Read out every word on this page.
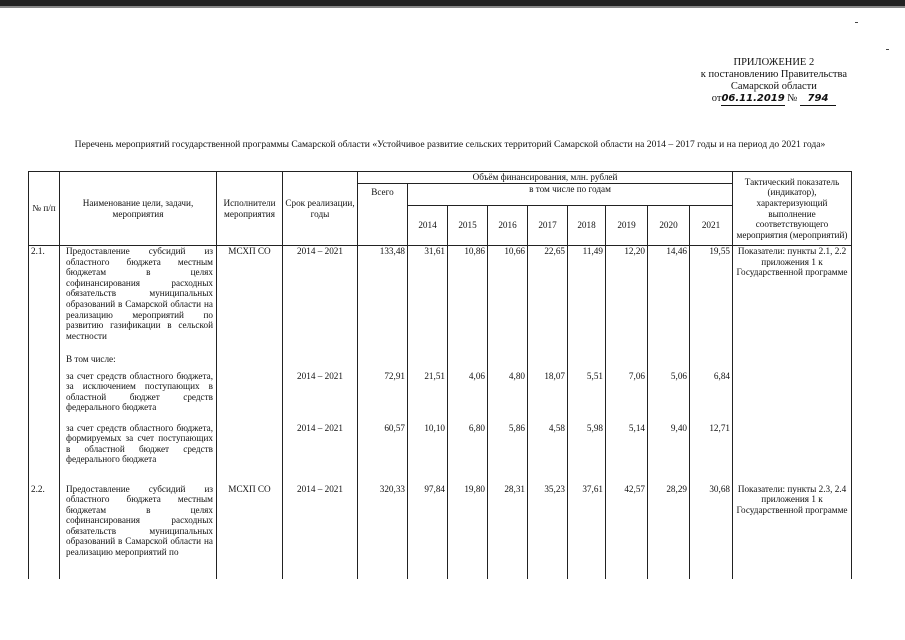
ПРИЛОЖЕНИЕ 2
к постановлению Правительства
Самарской области
от06.11.2019 № 794
Перечень мероприятий государственной программы Самарской области «Устойчивое развитие сельских территорий Самарской области на 2014 – 2017 годы и на период до 2021 года»
№ п/п	Наименование цели, задачи, мероприятия	Исполнители мероприятия	Срок реализации, годы	Объём финансирования, млн. рублей									Тактический показатель (индикатор), характеризующий выполнение соответствующего мероприятия (мероприятий)
				Всего	в том числе по годам								
					2014	2015	2016	2017	2018	2019	2020	2021	
2.1.	Предоставление субсидий из областного бюджета местным бюджетам в целях софинансирования расходных обязательств муниципальных образований в Самарской области на реализацию мероприятий по развитию газификации в сельской местности	МСХП СО	2014 – 2021	133,48	31,61	10,86	10,66	22,65	11,49	12,20	14,46	19,55	Показатели: пункты 2.1, 2.2 приложения 1 к Государственной программе
	В том числе:												
	за счет средств областного бюджета, за исключением поступающих в областной бюджет средств федерального бюджета		2014 – 2021	72,91	21,51	4,06	4,80	18,07	5,51	7,06	5,06	6,84	
	за счет средств областного бюджета, формируемых за счет поступающих в областной бюджет средств федерального бюджета		2014 – 2021	60,57	10,10	6,80	5,86	4,58	5,98	5,14	9,40	12,71	
2.2.	Предоставление субсидий из областного бюджета местным бюджетам в целях софинансирования расходных обязательств муниципальных образований в Самарской области на реализацию мероприятий по	МСХП СО	2014 – 2021	320,33	97,84	19,80	28,31	35,23	37,61	42,57	28,29	30,68	Показатели: пункты 2.3, 2.4 приложения 1 к Государственной программе
